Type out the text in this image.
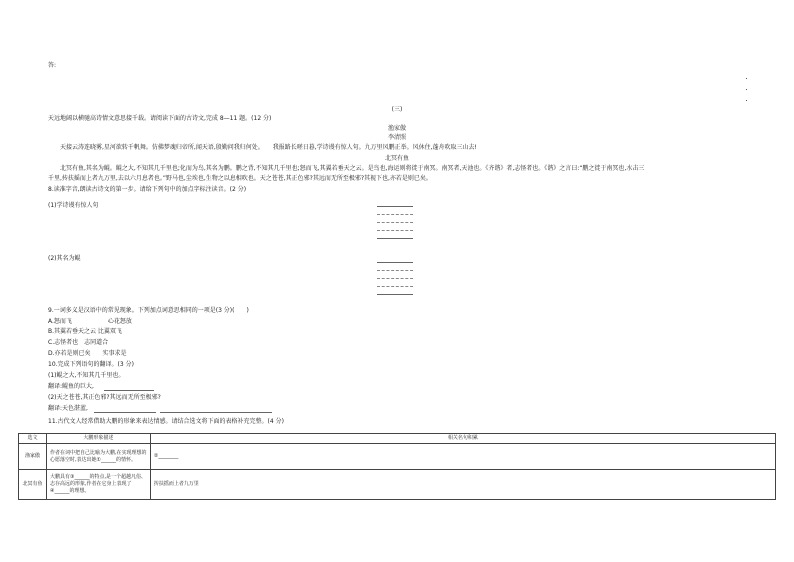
答:
(三)
天远地阔以横驰高诗情文意思接千载。请阅读下面的古诗文,完成 8—11 题。(12 分)
渔家傲
李清照
天接云涛连晓雾,星河欲转千帆舞。仿佛梦魂归帝所,闻天语,殷勤问我归何处。　　我报路长嗟日暮,学诗谩有惊人句。九万里风鹏正举。风休住,蓬舟吹取三山去!
北冥有鱼
北冥有鱼,其名为鲲。鲲之大,不知其几千里也;化而为鸟,其名为鹏。鹏之背,不知其几千里也;怒而飞,其翼若垂天之云。是鸟也,海运则将徙于南冥。南冥者,天池也。《齐谐》者,志怪者也。《谐》之言曰:“鹏之徙于南冥也,水击三
千里,抟扶摇而上者九万里,去以六月息者也。”野马也,尘埃也,生物之以息相吹也。天之苍苍,其正色邪?其远而无所至极邪?其视下也,亦若是则已矣。
8.读准字音,朗读古诗文的第一步。请给下列句中的加点字标注读音。(2 分)
(1)学诗谩有惊人句
(2)其名为鲲
9.一词多义是汉语中的常见现象。下列加点词意思相同的一项是(3 分)(　　)
A.怒而飞　　　　　　心花怒放
B.其翼若垂天之云 比翼双飞
C.志怪者也　志同道合
D.亦若是则已矣　　实事求是
10.完成下列语句的翻译。(3 分)
(1)鲲之大,不知其几千里也。
翻译:鲲鱼的巨大,
(2)天之苍苍,其正色邪?其远而无所至极邪?
翻译:天色湛蓝,
11.古代文人经常借助大鹏的形象来表达情感。请结合选文将下面的表格补充完整。(4 分)
选文	大鹏形象描述	相关名句积累
渔家傲	作者在词中把自己比喻为大鹏,在实现理想的心愿落空时,表达出她①______的情怀。	②________
北冥有鱼	大鹏具有③______的特点,是一个超越凡俗、志存高远的形象,作者在它身上表现了④______的理想。	抟扶摇而上者九万里
